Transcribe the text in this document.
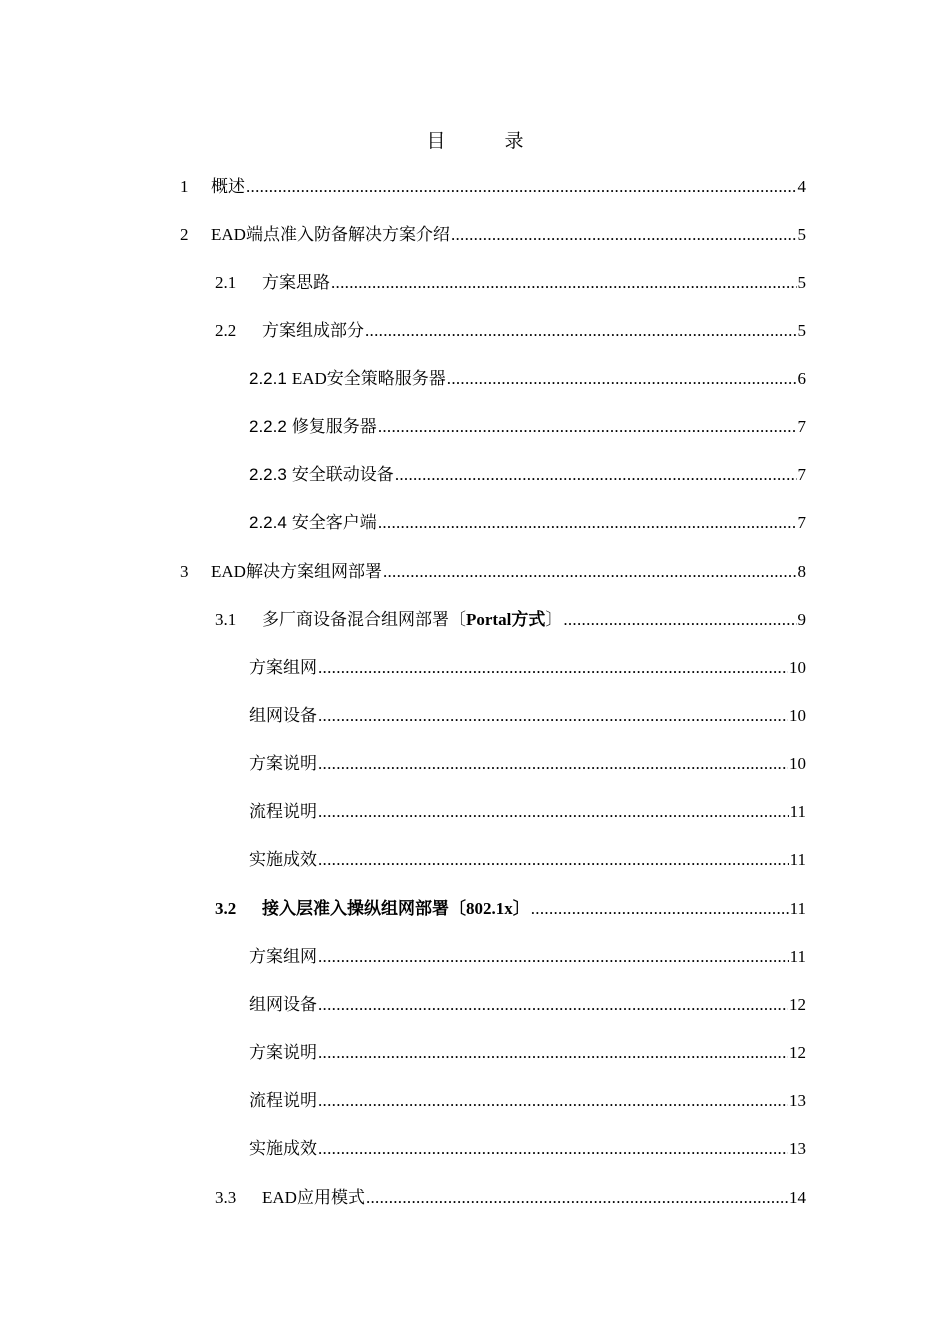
目　录
1	概述 .....	4
2	EAD端点准入防备解决方案介绍 .....	5
2.1	方案思路 .....	5
2.2	方案组成部分 .....	5
2.2.1 EAD安全策略服务器 .....	6
2.2.2 修复服务器 .....	7
2.2.3 安全联动设备 .....	7
2.2.4 安全客户端 .....	7
3	EAD解决方案组网部署 .....	8
3.1	多厂商设备混合组网部署〔Portal方式〕 .....	9
方案组网 .....	10
组网设备 .....	10
方案说明 .....	10
流程说明 .....	11
实施成效 .....	11
3.2	接入层准入操纵组网部署〔802.1x〕 .....	11
方案组网 .....	11
组网设备 .....	12
方案说明 .....	12
流程说明 .....	13
实施成效 .....	13
3.3	EAD应用模式 .....	14
